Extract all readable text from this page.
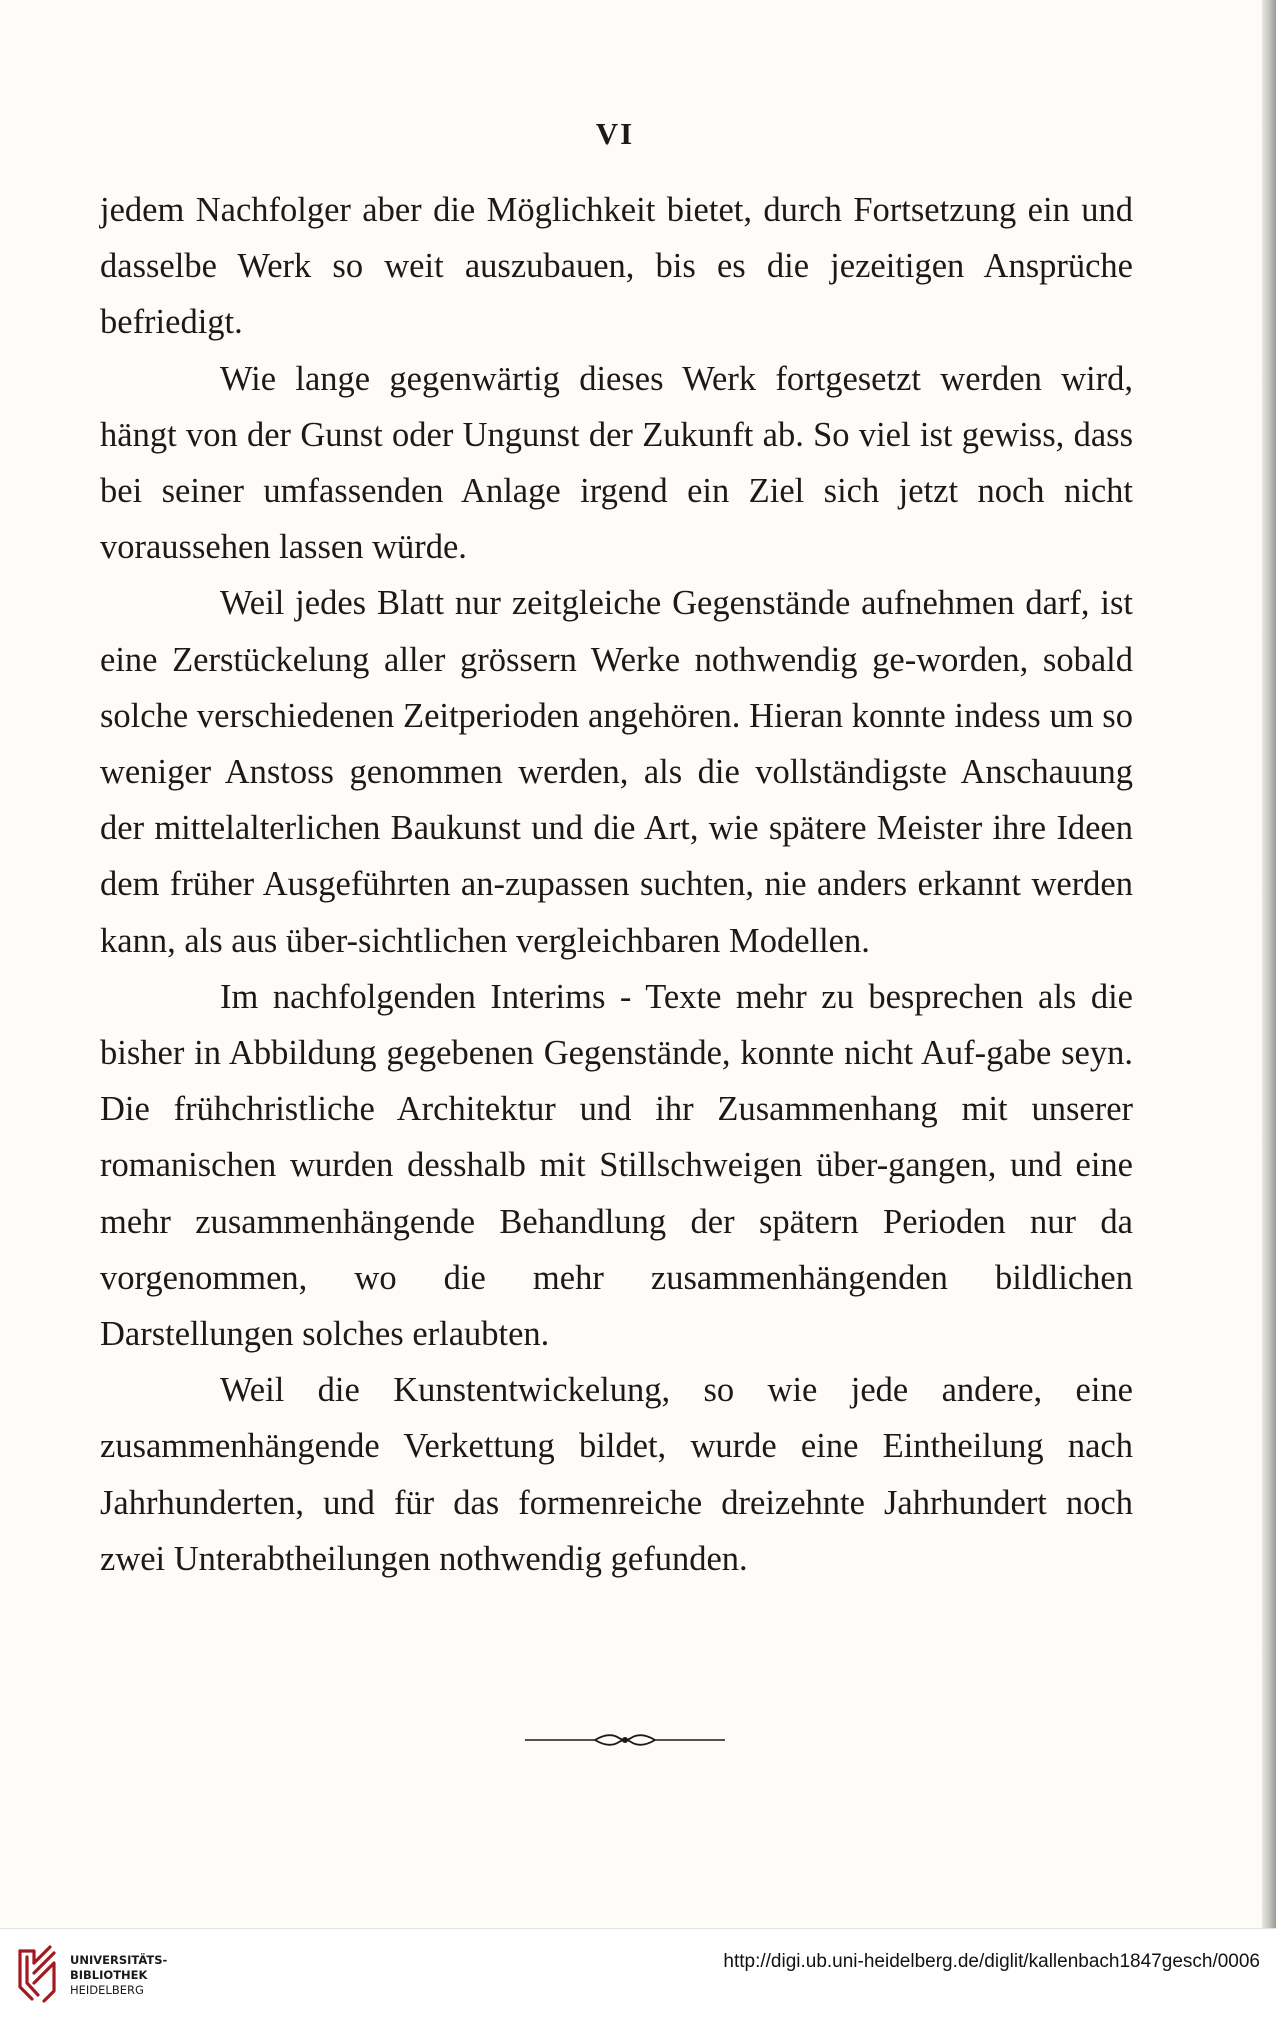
VI

jedem Nachfolger aber die Möglichkeit bietet, durch Fortsetzung ein und dasselbe Werk so weit auszubauen, bis es die jezeitigen Ansprüche befriedigt.

Wie lange gegenwärtig dieses Werk fortgesetzt werden wird, hängt von der Gunst oder Ungunst der Zukunft ab. So viel ist gewiss, dass bei seiner umfassenden Anlage irgend ein Ziel sich jetzt noch nicht voraussehen lassen würde.

Weil jedes Blatt nur zeitgleiche Gegenstände aufnehmen darf, ist eine Zerstückelung aller grössern Werke nothwendig ge-worden, sobald solche verschiedenen Zeitperioden angehören. Hieran konnte indess um so weniger Anstoss genommen werden, als die vollständigste Anschauung der mittelalterlichen Baukunst und die Art, wie spätere Meister ihre Ideen dem früher Ausgeführten an-zupassen suchten, nie anders erkannt werden kann, als aus über-sichtlichen vergleichbaren Modellen.

Im nachfolgenden Interims - Texte mehr zu besprechen als die bisher in Abbildung gegebenen Gegenstände, konnte nicht Auf-gabe seyn. Die frühchristliche Architektur und ihr Zusammenhang mit unserer romanischen wurden desshalb mit Stillschweigen über-gangen, und eine mehr zusammenhängende Behandlung der spätern Perioden nur da vorgenommen, wo die mehr zusammenhängenden bildlichen Darstellungen solches erlaubten.

Weil die Kunstentwickelung, so wie jede andere, eine zusammenhängende Verkettung bildet, wurde eine Eintheilung nach Jahrhunderten, und für das formenreiche dreizehnte Jahrhundert noch zwei Unterabtheilungen nothwendig gefunden.

UNIVERSITÄTS-
BIBLIOTHEK
HEIDELBERG
http://digi.ub.uni-heidelberg.de/diglit/kallenbach1847gesch/0006
